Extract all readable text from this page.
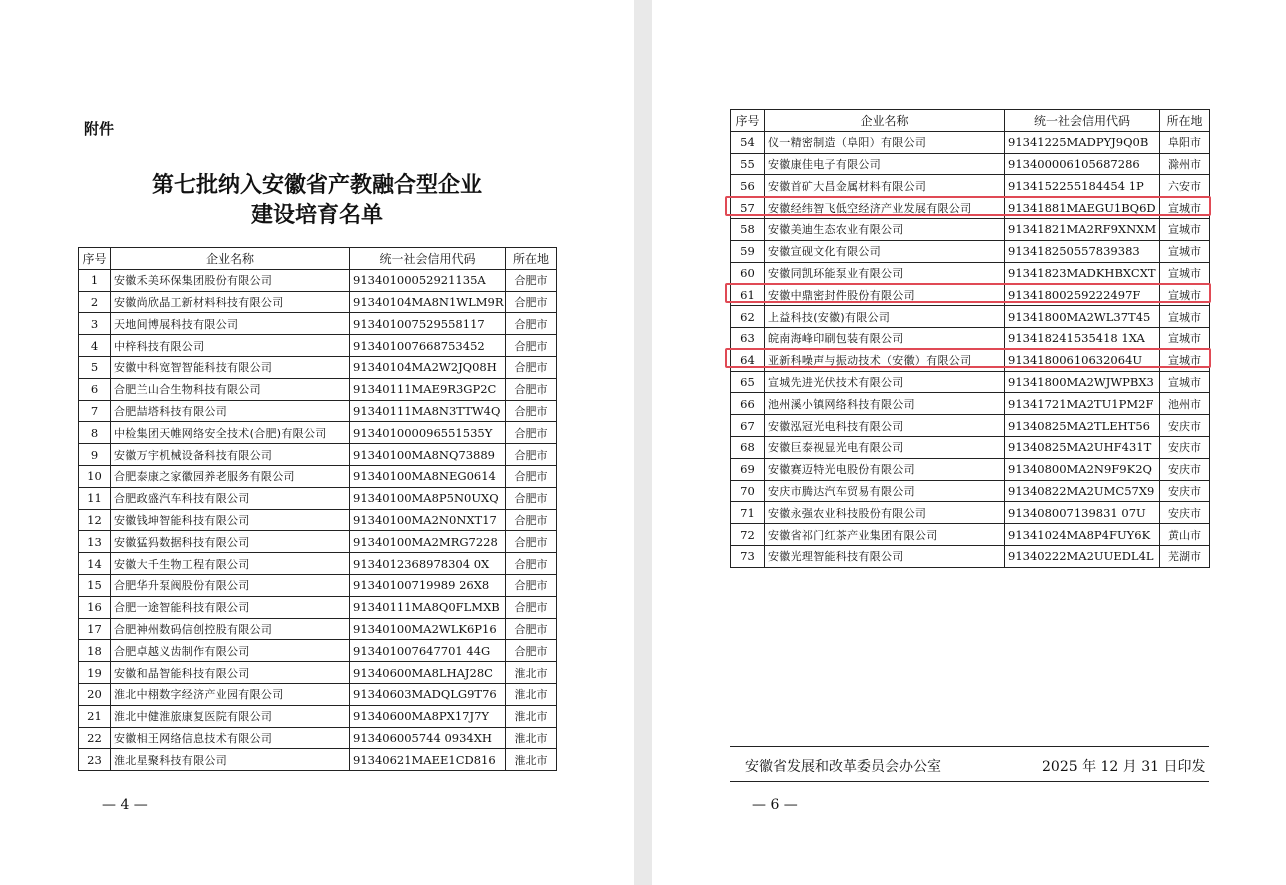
附件
第七批纳入安徽省产教融合型企业
建设培育名单
序号	企业名称	统一社会信用代码	所在地
1	安徽禾美环保集团股份有限公司	91340100052921135A	合肥市
2	安徽尚欣晶工新材料科技有限公司	91340104MA8N1WLM9R	合肥市
3	天地间博展科技有限公司	913401007529558117	合肥市
4	中梓科技有限公司	913401007668753452	合肥市
5	安徽中科宽智智能科技有限公司	91340104MA2W2JQ08H	合肥市
6	合肥兰山合生物科技有限公司	91340111MAE9R3GP2C	合肥市
7	合肥喆塔科技有限公司	91340111MA8N3TTW4Q	合肥市
8	中检集团天帷网络安全技术(合肥)有限公司	913401000096551535Y	合肥市
9	安徽万宇机械设备科技有限公司	91340100MA8NQ73889	合肥市
10	合肥泰康之家徽园养老服务有限公司	91340100MA8NEG0614	合肥市
11	合肥政盛汽车科技有限公司	91340100MA8P5N0UXQ	合肥市
12	安徽钱坤智能科技有限公司	91340100MA2N0NXT17	合肥市
13	安徽猛犸数据科技有限公司	91340100MA2MRG7228	合肥市
14	安徽大千生物工程有限公司	9134012368978304 0X	合肥市
15	合肥华升泵阀股份有限公司	91340100719989 26X8	合肥市
16	合肥一途智能科技有限公司	91340111MA8Q0FLMXB	合肥市
17	合肥神州数码信创控股有限公司	91340100MA2WLK6P16	合肥市
18	合肥卓越义齿制作有限公司	913401007647701 44G	合肥市
19	安徽和晶智能科技有限公司	91340600MA8LHAJ28C	淮北市
20	淮北中栩数字经济产业园有限公司	91340603MADQLG9T76	淮北市
21	淮北中健淮旅康复医院有限公司	91340600MA8PX17J7Y	淮北市
22	安徽相王网络信息技术有限公司	913406005744 0934XH	淮北市
23	淮北星聚科技有限公司	91340621MAEE1CD816	淮北市
— 4 —
序号	企业名称	统一社会信用代码	所在地
54	仪一精密制造（阜阳）有限公司	91341225MADPYJ9Q0B	阜阳市
55	安徽康佳电子有限公司	913400006105687286	滁州市
56	安徽首矿大昌金属材料有限公司	9134152255184454 1P	六安市
57	安徽经纬智飞低空经济产业发展有限公司	91341881MAEGU1BQ6D	宣城市
58	安徽美迪生态农业有限公司	91341821MA2RF9XNXM	宣城市
59	安徽宣砚文化有限公司	913418250557839383	宣城市
60	安徽同凯环能泵业有限公司	91341823MADKHBXCXT	宣城市
61	安徽中鼎密封件股份有限公司	91341800259222497F	宣城市
62	上益科技(安徽)有限公司	91341800MA2WL37T45	宣城市
63	皖南海峰印刷包装有限公司	913418241535418 1XA	宣城市
64	亚新科噪声与振动技术（安徽）有限公司	91341800610632064U	宣城市
65	宣城先进光伏技术有限公司	91341800MA2WJWPBX3	宣城市
66	池州溪小镇网络科技有限公司	91341721MA2TU1PM2F	池州市
67	安徽泓冠光电科技有限公司	91340825MA2TLEHT56	安庆市
68	安徽巨泰视显光电有限公司	91340825MA2UHF431T	安庆市
69	安徽赛迈特光电股份有限公司	91340800MA2N9F9K2Q	安庆市
70	安庆市腾达汽车贸易有限公司	91340822MA2UMC57X9	安庆市
71	安徽永强农业科技股份有限公司	913408007139831 07U	安庆市
72	安徽省祁门红茶产业集团有限公司	91341024MA8P4FUY6K	黄山市
73	安徽光理智能科技有限公司	91340222MA2UUEDL4L	芜湖市
安徽省发展和改革委员会办公室	2025 年 12 月 31 日印发
— 6 —
